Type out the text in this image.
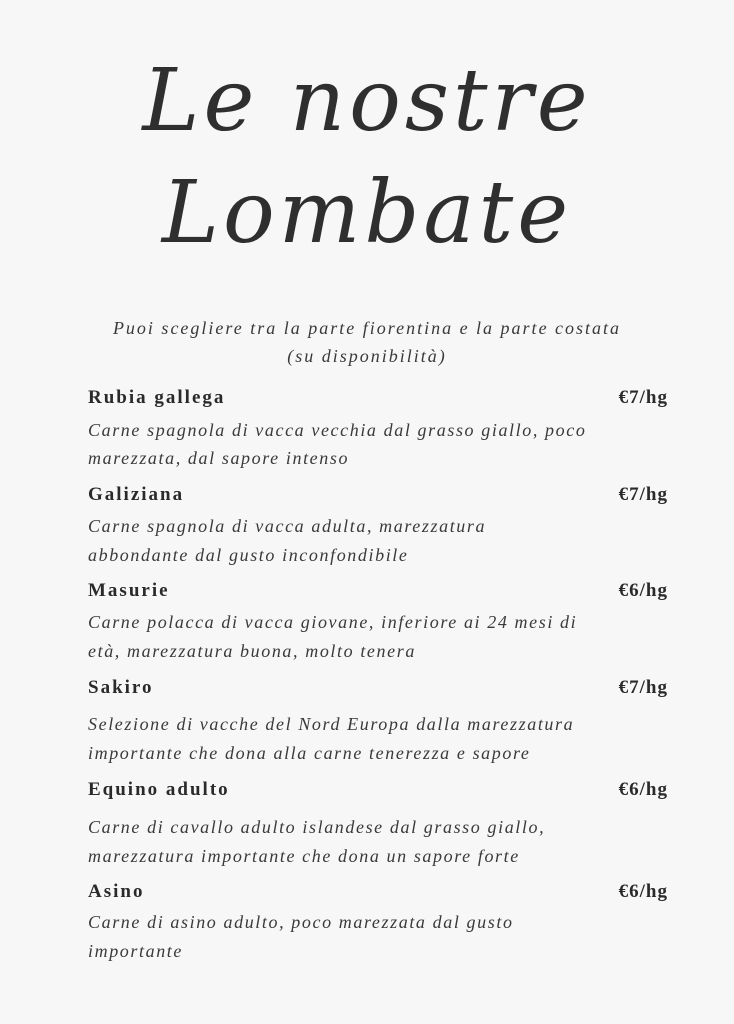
Le nostre
Lombate
Puoi scegliere tra la parte fiorentina e la parte costata
(su disponibilità)
Rubia gallega	€7/hg
Carne spagnola di vacca vecchia dal grasso giallo, poco
marezzata, dal sapore intenso
Galiziana	€7/hg
Carne spagnola di vacca adulta, marezzatura
abbondante dal gusto inconfondibile
Masurie	€6/hg
Carne polacca di vacca giovane, inferiore ai 24 mesi di
età, marezzatura buona, molto tenera
Sakiro	€7/hg
Selezione di vacche del Nord Europa dalla marezzatura
importante che dona alla carne tenerezza e sapore
Equino adulto	€6/hg
Carne di cavallo adulto islandese dal grasso giallo,
marezzatura importante che dona un sapore forte
Asino	€6/hg
Carne di asino adulto, poco marezzata dal gusto
importante
